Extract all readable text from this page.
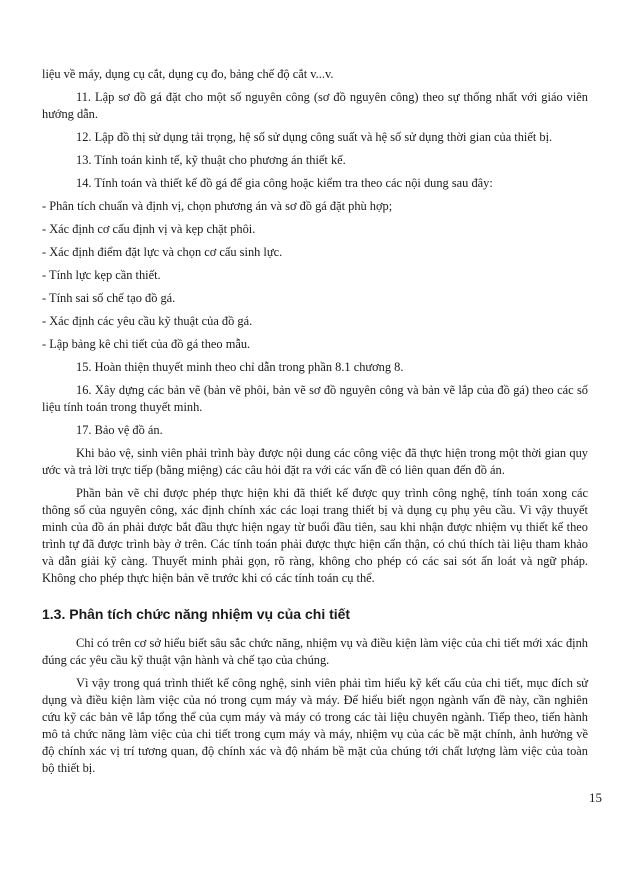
liệu về máy, dụng cụ cắt, dụng cụ đo, bảng chế độ cắt v...v.

11. Lập sơ đồ gá đặt cho một số nguyên công (sơ đồ nguyên công) theo sự thống nhất với giáo viên hướng dẫn.

12. Lập đồ thị sử dụng tải trọng, hệ số sử dụng công suất và hệ số sử dụng thời gian của thiết bị.

13. Tính toán kinh tế, kỹ thuật cho phương án thiết kế.

14. Tính toán và thiết kế đồ gá để gia công hoặc kiểm tra theo các nội dung sau đây:

- Phân tích chuẩn và định vị, chọn phương án và sơ đồ gá đặt phù hợp;

- Xác định cơ cấu định vị và kẹp chặt phôi.

- Xác định điểm đặt lực và chọn cơ cấu sinh lực.

- Tính lực kẹp cần thiết.

- Tính sai số chế tạo đồ gá.

- Xác định các yêu cầu kỹ thuật của đồ gá.

- Lập bảng kê chi tiết của đồ gá theo mẫu.

15. Hoàn thiện thuyết minh theo chỉ dẫn trong phần 8.1 chương 8.

16. Xây dựng các bản vẽ (bản vẽ phôi, bản vẽ sơ đồ nguyên công và bản vẽ lắp của đồ gá) theo các số liệu tính toán trong thuyết minh.

17. Bảo vệ đồ án.

Khi bảo vệ, sinh viên phải trình bày được nội dung các công việc đã thực hiện trong một thời gian quy ước và trả lời trực tiếp (bằng miệng) các câu hỏi đặt ra với các vấn đề có liên quan đến đồ án.

Phần bản vẽ chỉ được phép thực hiện khi đã thiết kế được quy trình công nghệ, tính toán xong các thông số của nguyên công, xác định chính xác các loại trang thiết bị và dụng cụ phụ yêu cầu. Vì vậy thuyết minh của đồ án phải được bắt đầu thực hiện ngay từ buổi đầu tiên, sau khi nhận được nhiệm vụ thiết kế theo trình tự đã được trình bày ở trên. Các tính toán phải được thực hiện cẩn thận, có chú thích tài liệu tham khảo và dẫn giải kỹ càng. Thuyết minh phải gọn, rõ ràng, không cho phép có các sai sót ấn loát và ngữ pháp. Không cho phép thực hiện bản vẽ trước khi có các tính toán cụ thể.

1.3. Phân tích chức năng nhiệm vụ của chi tiết

Chỉ có trên cơ sở hiểu biết sâu sắc chức năng, nhiệm vụ và điều kiện làm việc của chi tiết mới xác định đúng các yêu cầu kỹ thuật vận hành và chế tạo của chúng.

Vì vậy trong quá trình thiết kế công nghệ, sinh viên phải tìm hiểu kỹ kết cấu của chi tiết, mục đích sử dụng và điều kiện làm việc của nó trong cụm máy và máy. Để hiểu biết ngọn ngành vấn đề này, cần nghiên cứu kỹ các bản vẽ lắp tổng thể của cụm máy và máy có trong các tài liệu chuyên ngành. Tiếp theo, tiến hành mô tả chức năng làm việc của chi tiết trong cụm máy và máy, nhiệm vụ của các bề mặt chính, ảnh hưởng về độ chính xác vị trí tương quan, độ chính xác và độ nhám bề mặt của chúng tới chất lượng làm việc của toàn bộ thiết bị.

15
